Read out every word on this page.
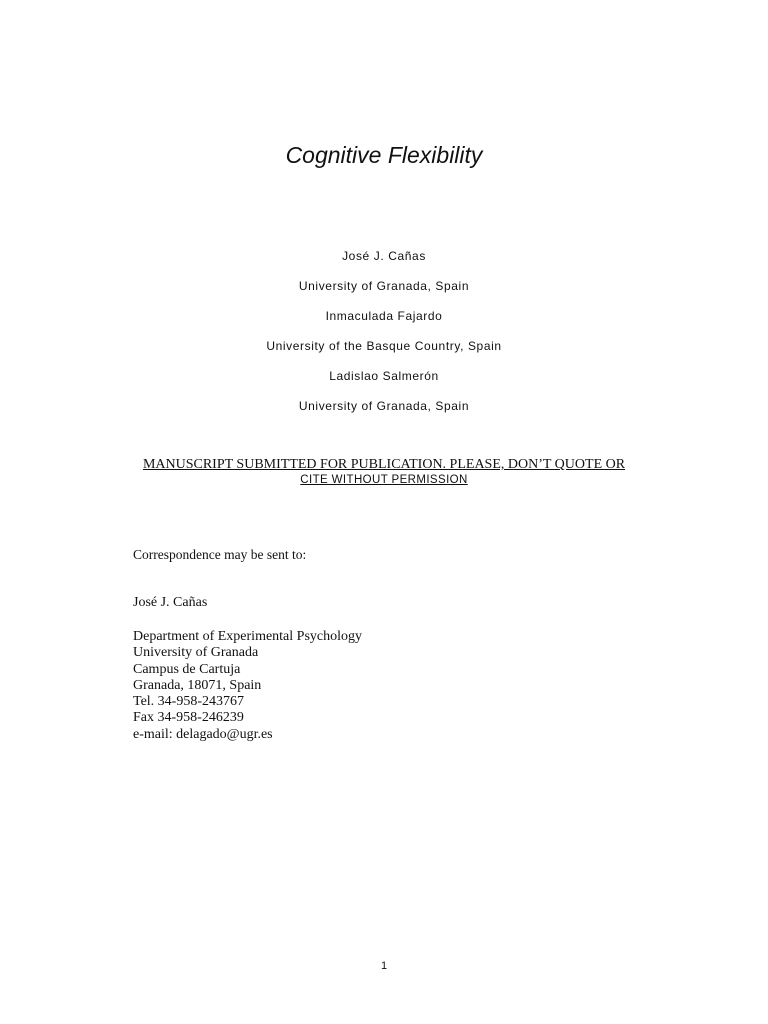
Cognitive Flexibility
José J. Cañas
University of Granada, Spain
Inmaculada Fajardo
University of the Basque Country, Spain
Ladislao Salmerón
University of Granada, Spain
MANUSCRIPT SUBMITTED FOR PUBLICATION. PLEASE, DON’T QUOTE OR
CITE WITHOUT PERMISSION
Correspondence may be sent to:
José J. Cañas
Department of Experimental Psychology
University of Granada
Campus de Cartuja
Granada, 18071, Spain
Tel. 34-958-243767
Fax 34-958-246239
e-mail: delagado@ugr.es
1
